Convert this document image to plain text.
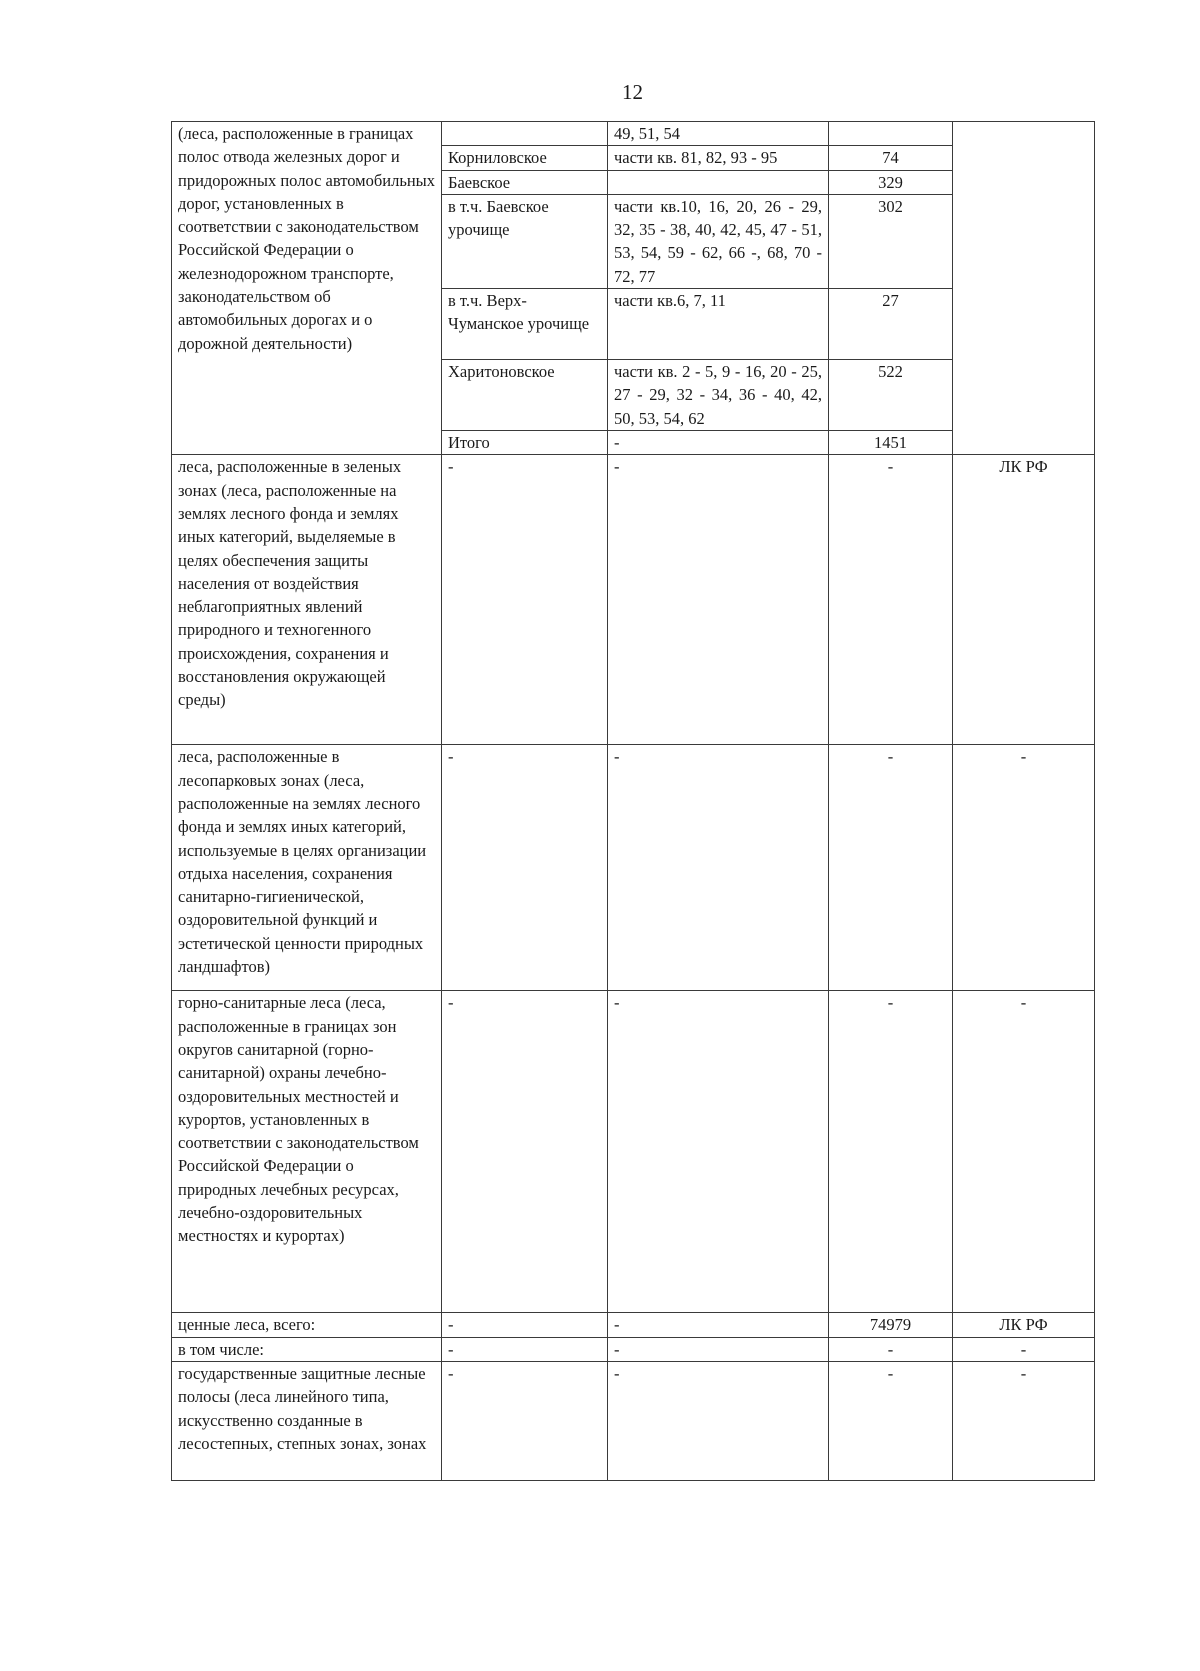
12
(леса, расположенные в границах полос отвода железных дорог и придорожных полос автомобильных дорог, установленных в соответствии с законодательством Российской Федерации о железнодорожном транспорте, законодательством об автомобильных дорогах и о дорожной деятельности)		49, 51, 54		
	Корниловское	части кв. 81, 82, 93 - 95	74	
	Баевское		329	
	в т.ч. Баевское урочище	части кв.10, 16, 20, 26 - 29, 32, 35 - 38, 40, 42, 45, 47 - 51, 53, 54, 59 - 62, 66 -, 68, 70 - 72, 77	302	
	в т.ч. Верх-Чуманское урочище	части кв.6, 7, 11	27	
	Харитоновское	части кв. 2 - 5, 9 - 16, 20 - 25, 27 - 29, 32 - 34, 36 - 40, 42, 50, 53, 54, 62	522	
	Итого	-	1451	
леса, расположенные в зеленых зонах (леса, расположенные на землях лесного фонда и землях иных категорий, выделяемые в целях обеспечения защиты населения от воздействия неблагоприятных явлений природного и техногенного происхождения, сохранения и восстановления окружающей среды)	-	-	-	ЛК РФ
леса, расположенные в лесопарковых зонах (леса, расположенные на землях лесного фонда и землях иных категорий, используемые в целях организации отдыха населения, сохранения санитарно-гигиенической, оздоровительной функций и эстетической ценности природных ландшафтов)	-	-	-	-
горно-санитарные леса (леса, расположенные в границах зон округов санитарной (горно-санитарной) охраны лечебно-оздоровительных местностей и курортов, установленных в соответствии с законодательством Российской Федерации о природных лечебных ресурсах, лечебно-оздоровительных местностях и курортах)	-	-	-	-
ценные леса, всего:	-	-	74979	ЛК РФ
в том числе:	-	-	-	-
государственные защитные лесные полосы (леса линейного типа, искусственно созданные в лесостепных, степных зонах, зонах	-	-	-	-
